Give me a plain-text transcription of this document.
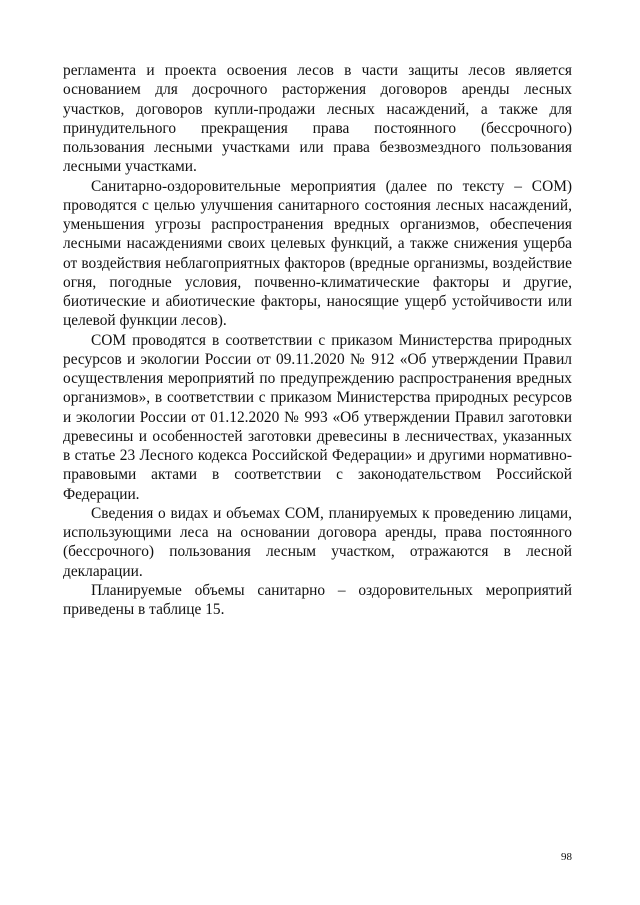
регламента и проекта освоения лесов в части защиты лесов является основанием для досрочного расторжения договоров аренды лесных участков, договоров купли-продажи лесных насаждений, а также для принудительного прекращения права постоянного (бессрочного) пользования лесными участками или права безвозмездного пользования лесными участками.

Санитарно-оздоровительные мероприятия (далее по тексту – СОМ) проводятся с целью улучшения санитарного состояния лесных насаждений, уменьшения угрозы распространения вредных организмов, обеспечения лесными насаждениями своих целевых функций, а также снижения ущерба от воздействия неблагоприятных факторов (вредные организмы, воздействие огня, погодные условия, почвенно-климатические факторы и другие, биотические и абиотические факторы, наносящие ущерб устойчивости или целевой функции лесов).

СОМ проводятся в соответствии с приказом Министерства природных ресурсов и экологии России от 09.11.2020 № 912 «Об утверждении Правил осуществления мероприятий по предупреждению распространения вредных организмов», в соответствии с приказом Министерства природных ресурсов и экологии России от 01.12.2020 № 993 «Об утверждении Правил заготовки древесины и особенностей заготовки древесины в лесничествах, указанных в статье 23 Лесного кодекса Российской Федерации» и другими нормативно-правовыми актами в соответствии с законодательством Российской Федерации.

Сведения о видах и объемах СОМ, планируемых к проведению лицами, использующими леса на основании договора аренды, права постоянного (бессрочного) пользования лесным участком, отражаются в лесной декларации.

Планируемые объемы санитарно – оздоровительных мероприятий приведены в таблице 15.

98
